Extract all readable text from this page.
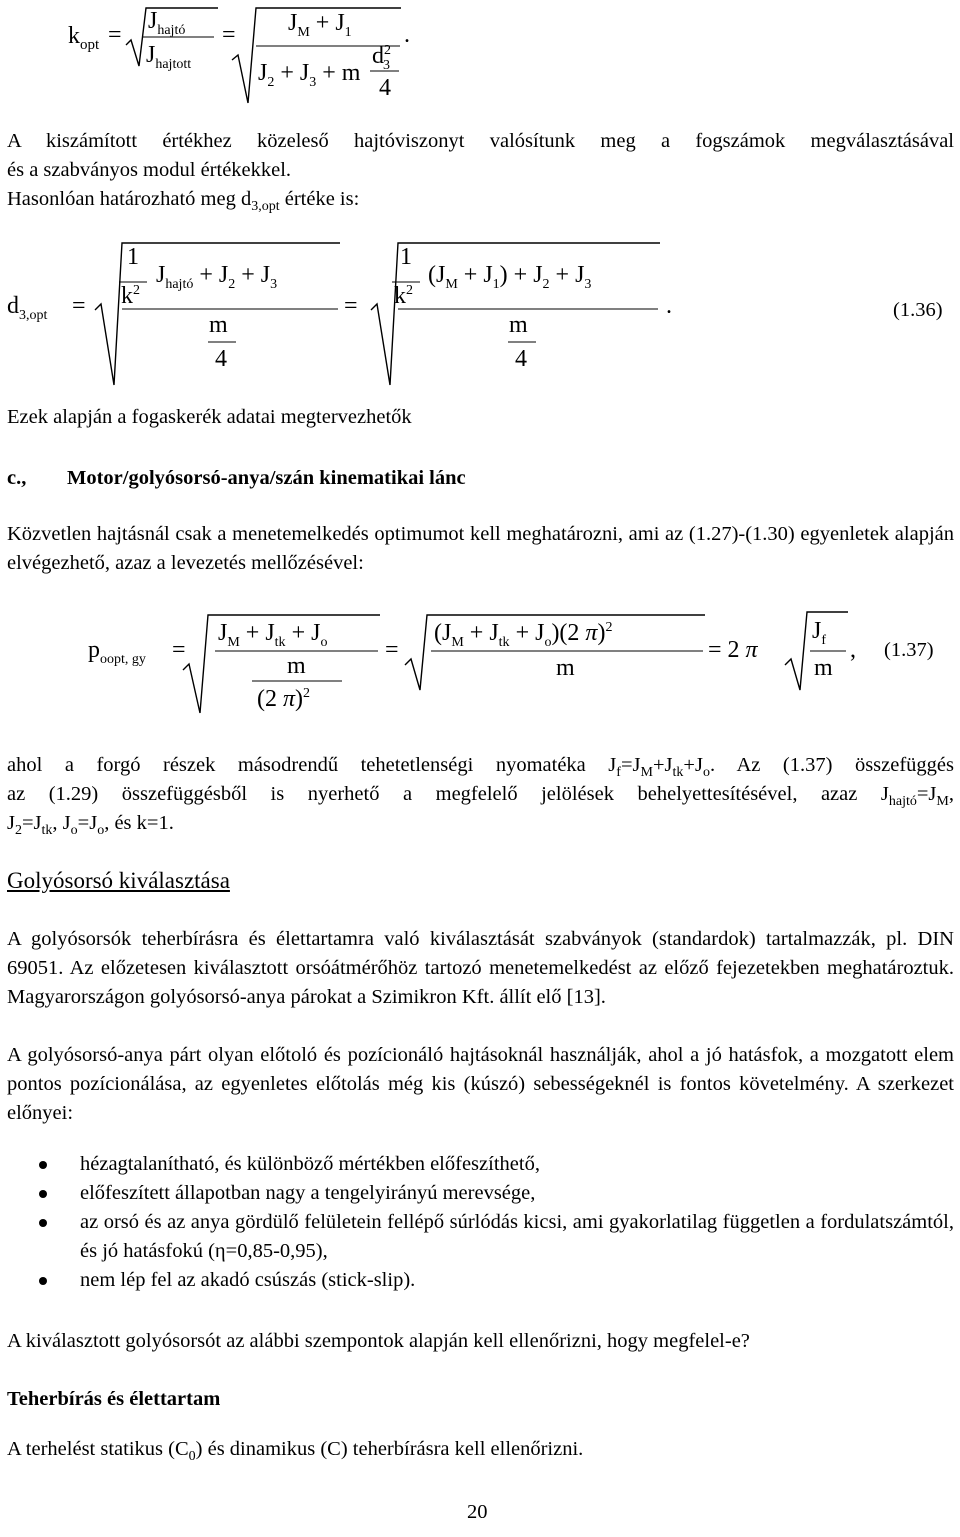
$k_{opt}$ =
$J_{hajtó}$
$J_{hajtott}$
= $J_M + J_1$
$J_2 + J_3 + m$
$d^2_3$
4
.
A kiszámított értékhez közeleső hajtóviszonyt valósítunk meg a fogszámok megválasztásával
és a szabványos modul értékekkel.
Hasonlóan határozható meg $d_{3,opt}$ értéke is:
$d_{3,opt}$ =
1
$k^2$
$J_{hajtó} + J_2 + J_3$
m
4
=
1
$k^2$
$(J_M + J_1) + J_2 + J_3$
m
4
.	(1.36)
Ezek alapján a fogaskerék adatai megtervezhetők
c., Motor/golyósorsó-anya/szán kinematikai lánc
Közvetlen hajtásnál csak a menetemelkedés optimumot kell meghatározni, ami az (1.27)-(1.30) egyenletek alapján elvégezhető, azaz a levezetés mellőzésével:
$p_{oopt, gy}$ =
$J_M + J_{tk} + J_o$
m
(2 π)$^2$
=
$(J_M + J_{tk} + J_o)(2$ π)$^2$
m
= 2 π
$J_f$
m
, (1.37)
ahol a forgó részek másodrendű tehetetlenségi nyomatéka $J_f=J_M+J_{tk}+J_o$. Az (1.37) összefüggés
az (1.29) összefüggésből is nyerhető a megfelelő jelölések behelyettesítésével, azaz $J_{hajtó}=J_M$,
$J_2=J_{tk}$, $J_o=J_o$, és k=1.
Golyósorsó kiválasztása
A golyósorsók teherbírásra és élettartamra való kiválasztását szabványok (standardok) tartalmazzák, pl. DIN 69051. Az előzetesen kiválasztott orsóátmérőhöz tartozó menetemelkedést az előző fejezetekben meghatároztuk. Magyarországon golyósorsó-anya párokat a Szimikron Kft. állít elő [13].
A golyósorsó-anya párt olyan előtoló és pozícionáló hajtásoknál használják, ahol a jó hatásfok, a mozgatott elem pontos pozícionálása, az egyenletes előtolás még kis (kúszó) sebességeknél is fontos követelmény. A szerkezet előnyei:
hézagtalanítható, és különböző mértékben előfeszíthető,
előfeszített állapotban nagy a tengelyirányú merevsége,
az orsó és az anya gördülő felületein fellépő súrlódás kicsi, ami gyakorlatilag független a fordulatszámtól, és jó hatásfokú (η=0,85-0,95),
nem lép fel az akadó csúszás (stick-slip).
A kiválasztott golyósorsót az alábbi szempontok alapján kell ellenőrizni, hogy megfelel-e?
Teherbírás és élettartam
A terhelést statikus $(C_0)$ és dinamikus (C) teherbírásra kell ellenőrizni.
20
